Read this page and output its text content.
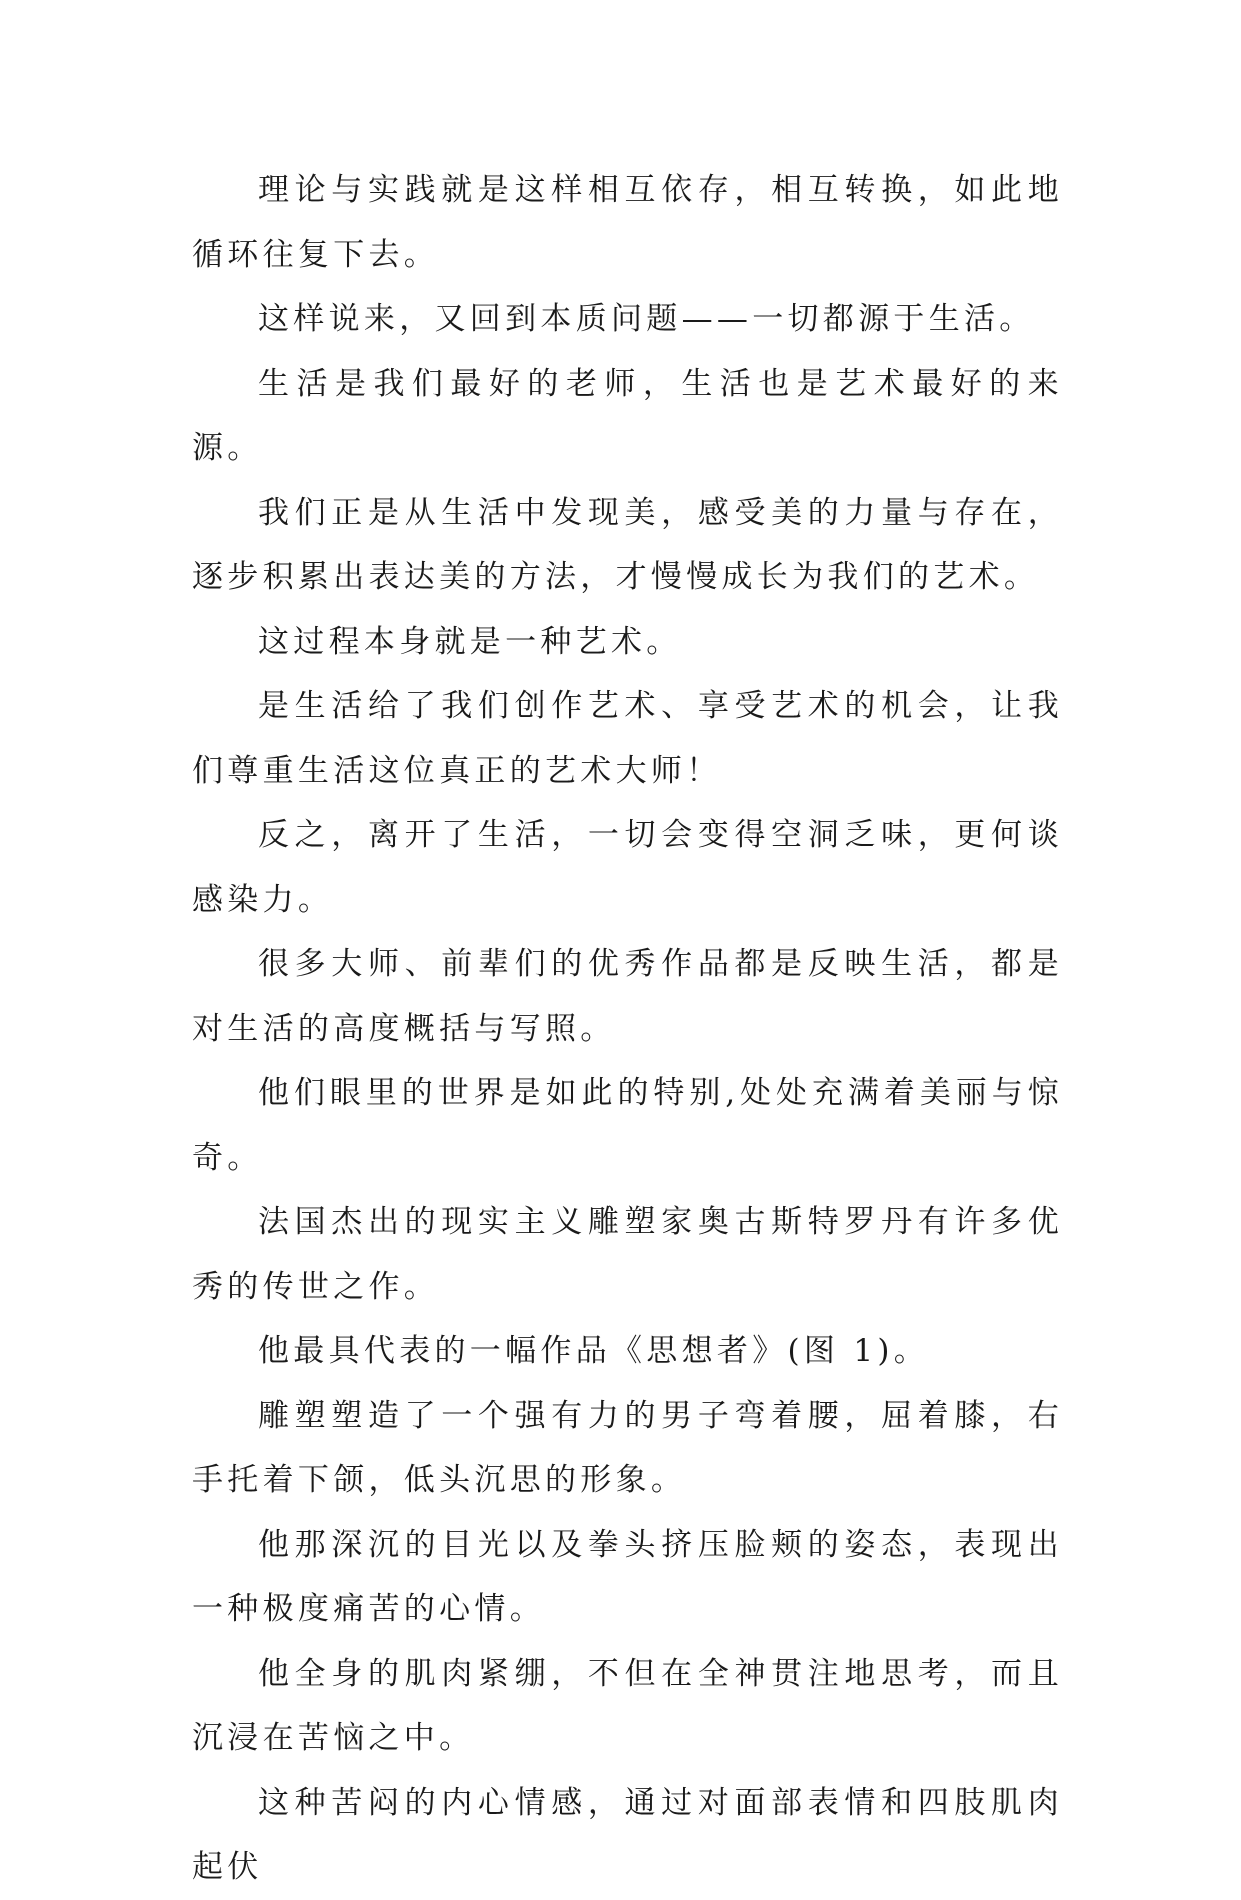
理论与实践就是这样相互依存，相互转换，如此地循环往复下去。

这样说来，又回到本质问题——一切都源于生活。

生活是我们最好的老师，生活也是艺术最好的来源。

我们正是从生活中发现美，感受美的力量与存在，逐步积累出表达美的方法，才慢慢成长为我们的艺术。

这过程本身就是一种艺术。

是生活给了我们创作艺术、享受艺术的机会，让我们尊重生活这位真正的艺术大师！

反之，离开了生活，一切会变得空洞乏味，更何谈感染力。

很多大师、前辈们的优秀作品都是反映生活，都是对生活的高度概括与写照。

他们眼里的世界是如此的特别,处处充满着美丽与惊奇。

法国杰出的现实主义雕塑家奥古斯特罗丹有许多优秀的传世之作。

他最具代表的一幅作品《思想者》(图 1)。

雕塑塑造了一个强有力的男子弯着腰，屈着膝，右手托着下颌，低头沉思的形象。

他那深沉的目光以及拳头挤压脸颊的姿态，表现出一种极度痛苦的心情。

他全身的肌肉紧绷，不但在全神贯注地思考，而且沉浸在苦恼之中。

这种苦闷的内心情感，通过对面部表情和四肢肌肉起伏
